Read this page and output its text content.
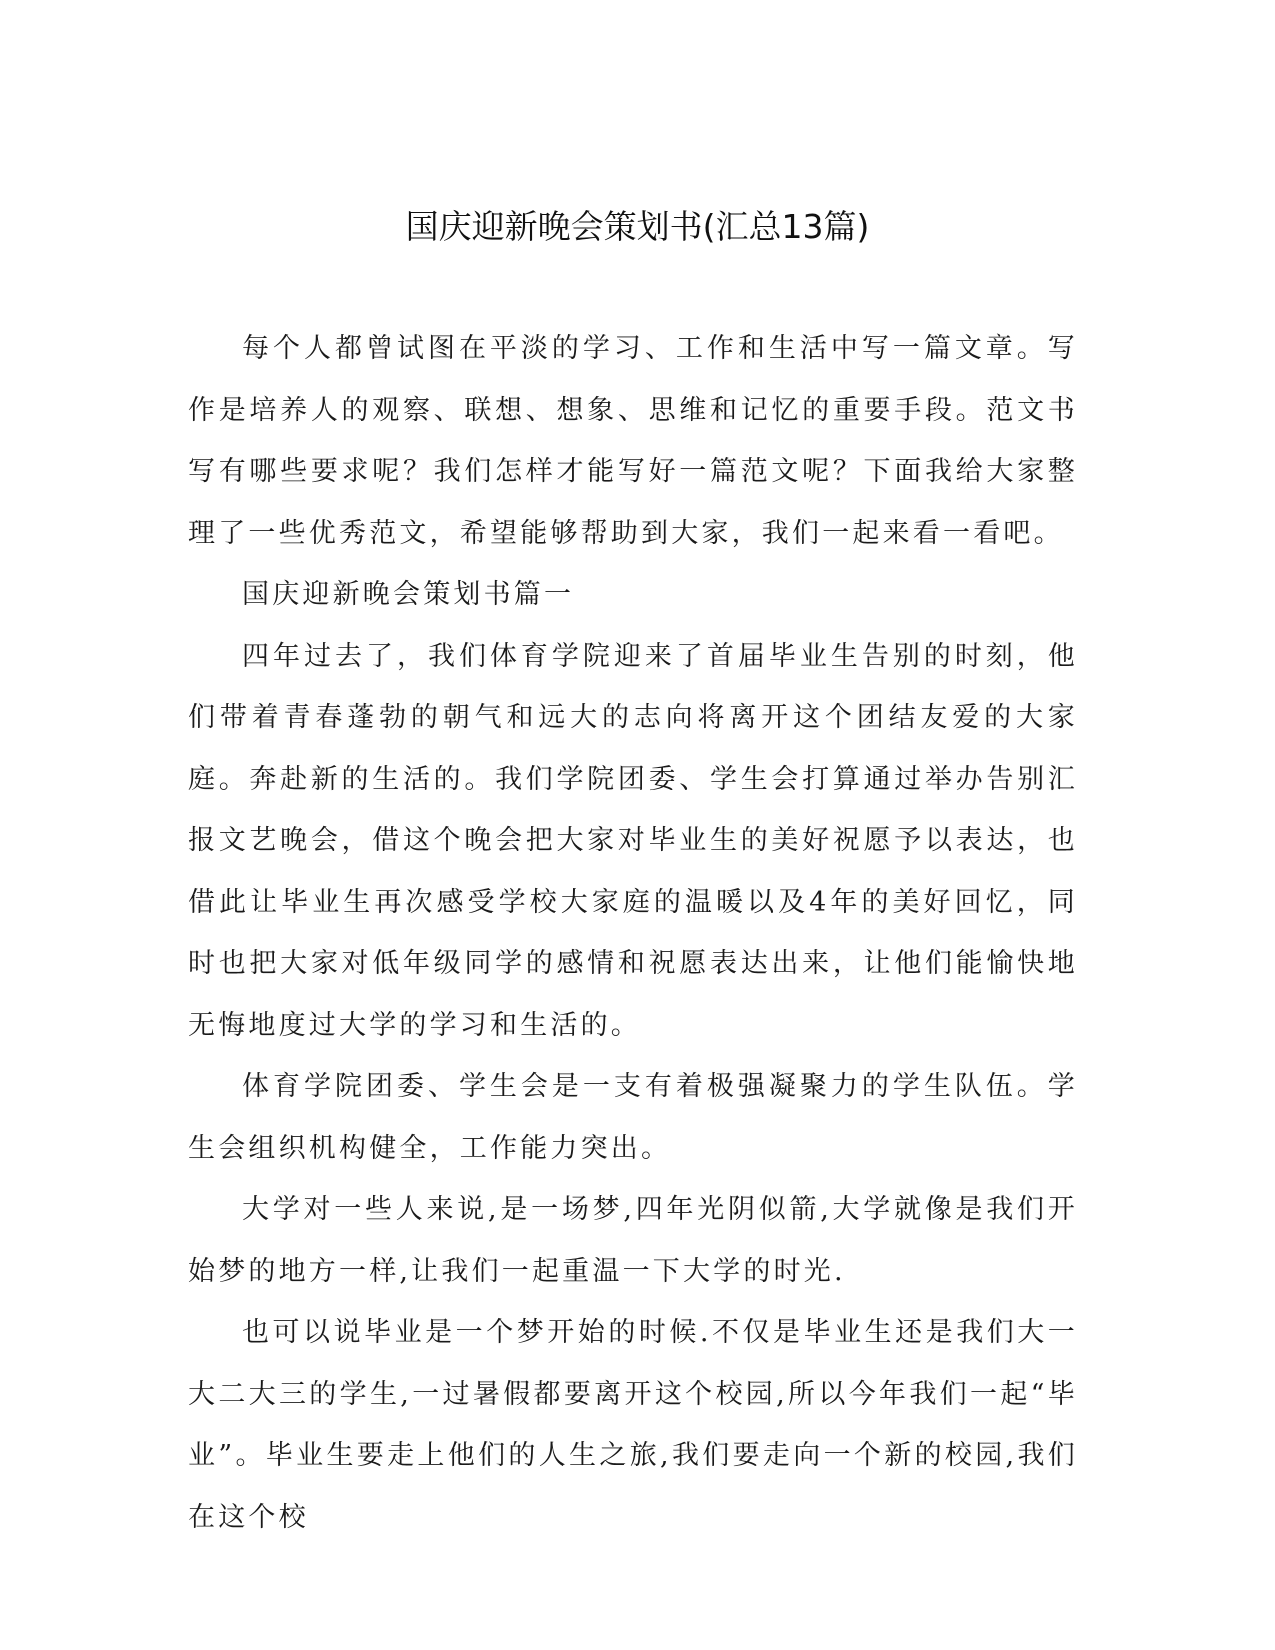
国庆迎新晚会策划书(汇总13篇)

每个人都曾试图在平淡的学习、工作和生活中写一篇文章。写作是培养人的观察、联想、想象、思维和记忆的重要手段。范文书写有哪些要求呢？我们怎样才能写好一篇范文呢？下面我给大家整理了一些优秀范文，希望能够帮助到大家，我们一起来看一看吧。

国庆迎新晚会策划书篇一

四年过去了，我们体育学院迎来了首届毕业生告别的时刻，他们带着青春蓬勃的朝气和远大的志向将离开这个团结友爱的大家庭。奔赴新的生活的。我们学院团委、学生会打算通过举办告别汇报文艺晚会，借这个晚会把大家对毕业生的美好祝愿予以表达，也借此让毕业生再次感受学校大家庭的温暖以及4年的美好回忆，同时也把大家对低年级同学的感情和祝愿表达出来，让他们能愉快地无悔地度过大学的学习和生活的。

体育学院团委、学生会是一支有着极强凝聚力的学生队伍。学生会组织机构健全，工作能力突出。

大学对一些人来说,是一场梦,四年光阴似箭,大学就像是我们开始梦的地方一样,让我们一起重温一下大学的时光.

也可以说毕业是一个梦开始的时候.不仅是毕业生还是我们大一大二大三的学生,一过暑假都要离开这个校园,所以今年我们一起“毕业”。毕业生要走上他们的人生之旅,我们要走向一个新的校园,我们在这个校
